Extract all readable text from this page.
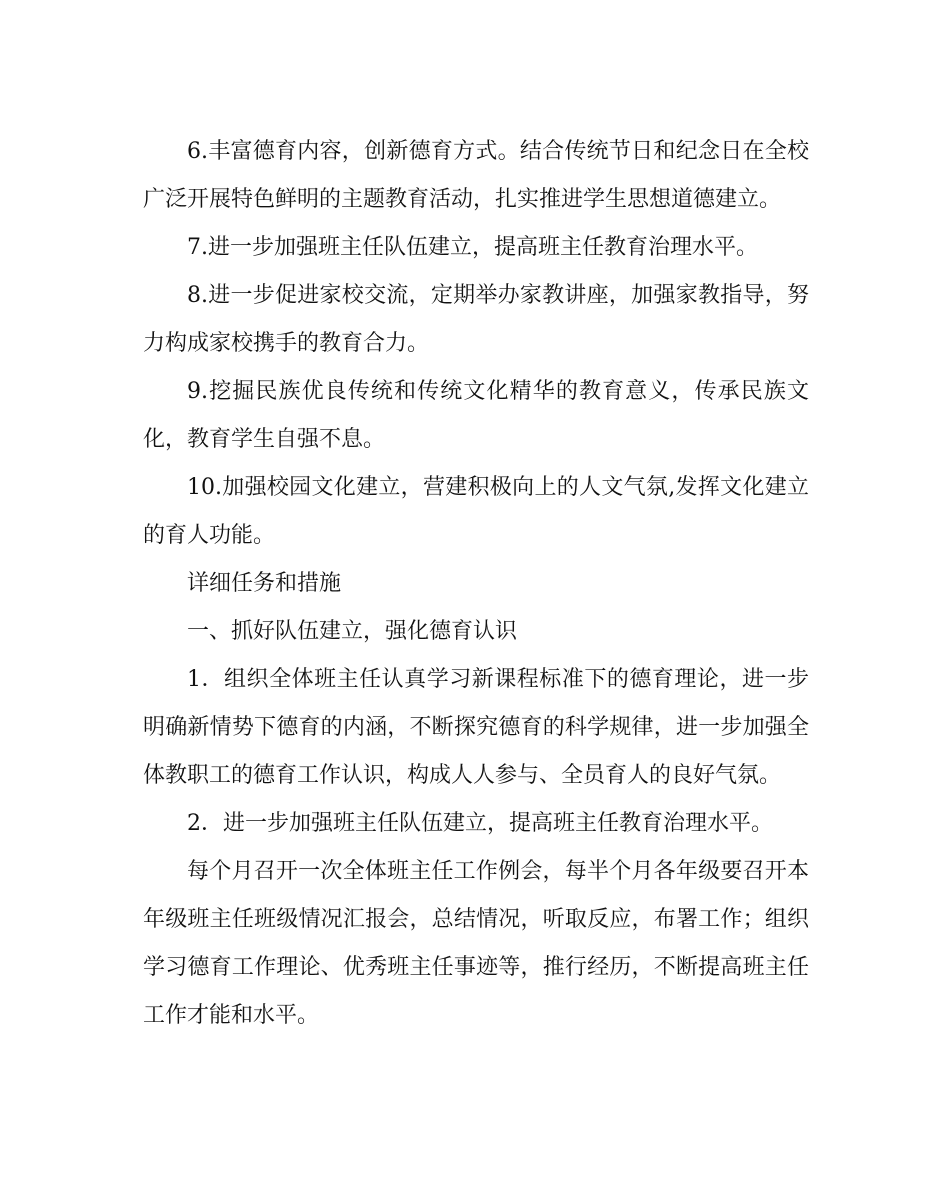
6.丰富德育内容，创新德育方式。结合传统节日和纪念日在全校广泛开展特色鲜明的主题教育活动，扎实推进学生思想道德建立。

7.进一步加强班主任队伍建立，提高班主任教育治理水平。

8.进一步促进家校交流，定期举办家教讲座，加强家教指导，努力构成家校携手的教育合力。

9.挖掘民族优良传统和传统文化精华的教育意义，传承民族文化，教育学生自强不息。

10.加强校园文化建立，营建积极向上的人文气氛,发挥文化建立的育人功能。

详细任务和措施

一、抓好队伍建立，强化德育认识

1．组织全体班主任认真学习新课程标准下的德育理论，进一步明确新情势下德育的内涵，不断探究德育的科学规律，进一步加强全体教职工的德育工作认识，构成人人参与、全员育人的良好气氛。

2．进一步加强班主任队伍建立，提高班主任教育治理水平。

每个月召开一次全体班主任工作例会，每半个月各年级要召开本年级班主任班级情况汇报会，总结情况，听取反应，布署工作；组织学习德育工作理论、优秀班主任事迹等，推行经历，不断提高班主任工作才能和水平。
